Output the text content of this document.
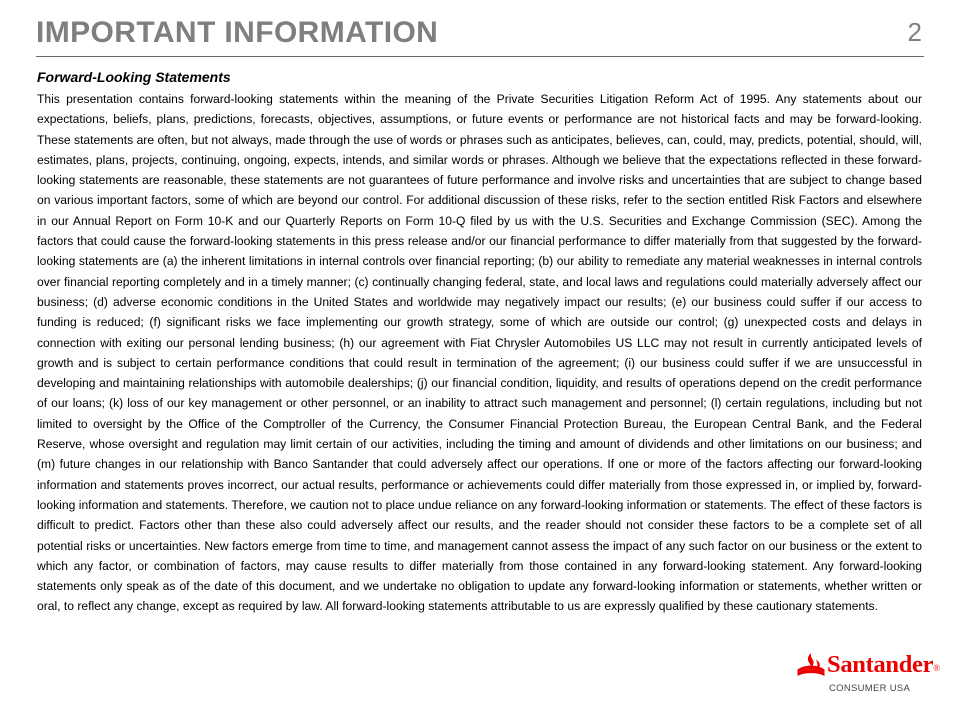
IMPORTANT INFORMATION	2
Forward-Looking Statements

This presentation contains forward-looking statements within the meaning of the Private Securities Litigation Reform Act of 1995. Any statements about our expectations, beliefs, plans, predictions, forecasts, objectives, assumptions, or future events or performance are not historical facts and may be forward-looking. These statements are often, but not always, made through the use of words or phrases such as anticipates, believes, can, could, may, predicts, potential, should, will, estimates, plans, projects, continuing, ongoing, expects, intends, and similar words or phrases. Although we believe that the expectations reflected in these forward-looking statements are reasonable, these statements are not guarantees of future performance and involve risks and uncertainties that are subject to change based on various important factors, some of which are beyond our control. For additional discussion of these risks, refer to the section entitled Risk Factors and elsewhere in our Annual Report on Form 10-K and our Quarterly Reports on Form 10-Q filed by us with the U.S. Securities and Exchange Commission (SEC). Among the factors that could cause the forward-looking statements in this press release and/or our financial performance to differ materially from that suggested by the forward-looking statements are (a) the inherent limitations in internal controls over financial reporting; (b) our ability to remediate any material weaknesses in internal controls over financial reporting completely and in a timely manner; (c) continually changing federal, state, and local laws and regulations could materially adversely affect our business; (d) adverse economic conditions in the United States and worldwide may negatively impact our results; (e) our business could suffer if our access to funding is reduced; (f) significant risks we face implementing our growth strategy, some of which are outside our control; (g) unexpected costs and delays in connection with exiting our personal lending business; (h) our agreement with Fiat Chrysler Automobiles US LLC may not result in currently anticipated levels of growth and is subject to certain performance conditions that could result in termination of the agreement; (i) our business could suffer if we are unsuccessful in developing and maintaining relationships with automobile dealerships; (j) our financial condition, liquidity, and results of operations depend on the credit performance of our loans; (k) loss of our key management or other personnel, or an inability to attract such management and personnel; (l) certain regulations, including but not limited to oversight by the Office of the Comptroller of the Currency, the Consumer Financial Protection Bureau, the European Central Bank, and the Federal Reserve, whose oversight and regulation may limit certain of our activities, including the timing and amount of dividends and other limitations on our business; and (m) future changes in our relationship with Banco Santander that could adversely affect our operations. If one or more of the factors affecting our forward-looking information and statements proves incorrect, our actual results, performance or achievements could differ materially from those expressed in, or implied by, forward-looking information and statements. Therefore, we caution not to place undue reliance on any forward-looking information or statements. The effect of these factors is difficult to predict. Factors other than these also could adversely affect our results, and the reader should not consider these factors to be a complete set of all potential risks or uncertainties. New factors emerge from time to time, and management cannot assess the impact of any such factor on our business or the extent to which any factor, or combination of factors, may cause results to differ materially from those contained in any forward-looking statement. Any forward-looking statements only speak as of the date of this document, and we undertake no obligation to update any forward-looking information or statements, whether written or oral, to reflect any change, except as required by law. All forward-looking statements attributable to us are expressly qualified by these cautionary statements.

Santander®
CONSUMER USA
